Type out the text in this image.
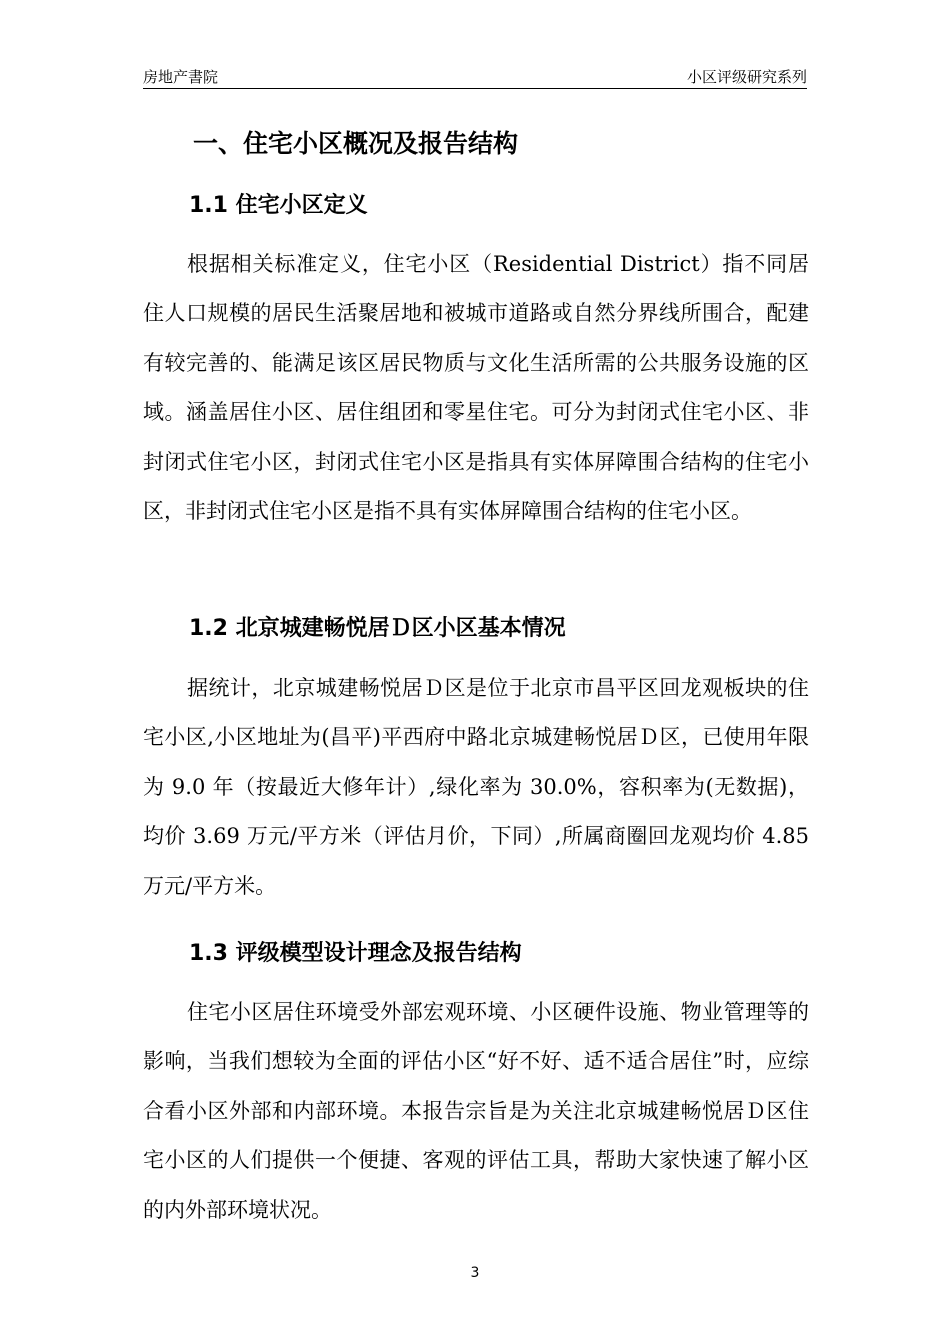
房地产書院	小区评级研究系列
一、住宅小区概况及报告结构
1.1 住宅小区定义

根据相关标准定义，住宅小区（Residential District）指不同居住人口规模的居民生活聚居地和被城市道路或自然分界线所围合，配建有较完善的、能满足该区居民物质与文化生活所需的公共服务设施的区域。涵盖居住小区、居住组团和零星住宅。可分为封闭式住宅小区、非封闭式住宅小区，封闭式住宅小区是指具有实体屏障围合结构的住宅小区，非封闭式住宅小区是指不具有实体屏障围合结构的住宅小区。

1.2 北京城建畅悦居Ｄ区小区基本情况

据统计，北京城建畅悦居Ｄ区是位于北京市昌平区回龙观板块的住宅小区,小区地址为(昌平)平西府中路北京城建畅悦居Ｄ区，已使用年限为 9.0 年（按最近大修年计）,绿化率为 30.0%，容积率为(无数据)，均价 3.69 万元/平方米（评估月价，下同）,所属商圈回龙观均价 4.85 万元/平方米。

1.3 评级模型设计理念及报告结构

住宅小区居住环境受外部宏观环境、小区硬件设施、物业管理等的影响，当我们想较为全面的评估小区“好不好、适不适合居住”时，应综合看小区外部和内部环境。本报告宗旨是为关注北京城建畅悦居Ｄ区住宅小区的人们提供一个便捷、客观的评估工具，帮助大家快速了解小区的内外部环境状况。

3
